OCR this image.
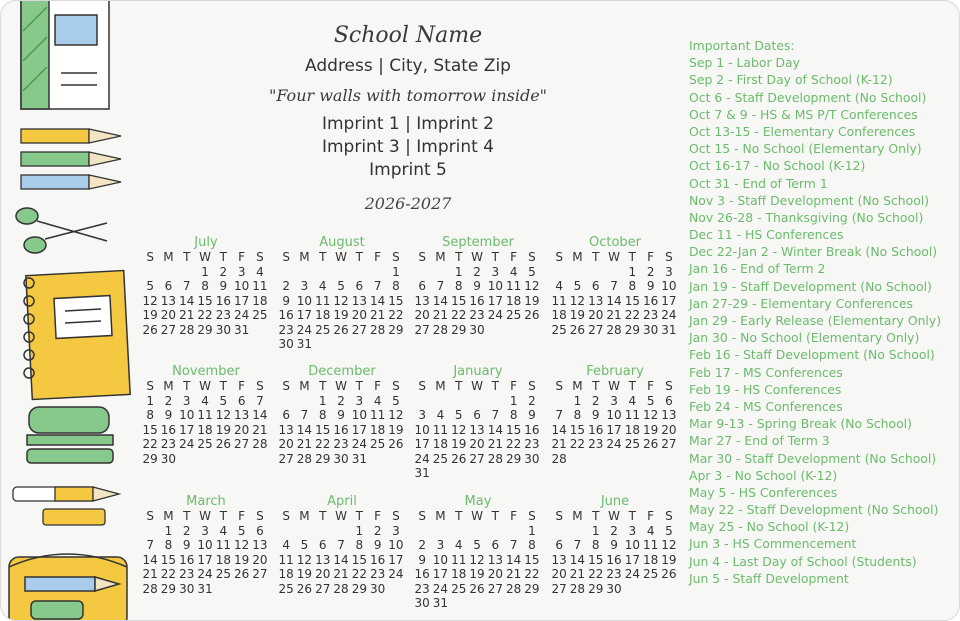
School Name
Address | City, State Zip
"Four walls with tomorrow inside"
Imprint 1 | Imprint 2
Imprint 3 | Imprint 4
Imprint 5
2026-2027
July
S M T W T F S
1 2 3 4
5 6 7 8 9 10 11
12 13 14 15 16 17 18
19 20 21 22 23 24 25
26 27 28 29 30 31
August
S M T W T F S
1
2 3 4 5 6 7 8
9 10 11 12 13 14 15
16 17 18 19 20 21 22
23 24 25 26 27 28 29
30 31
September
S M T W T F S
1 2 3 4 5
6 7 8 9 10 11 12
13 14 15 16 17 18 19
20 21 22 23 24 25 26
27 28 29 30
October
S M T W T F S
1 2 3
4 5 6 7 8 9 10
11 12 13 14 15 16 17
18 19 20 21 22 23 24
25 26 27 28 29 30 31
November
S M T W T F S
1 2 3 4 5 6 7
8 9 10 11 12 13 14
15 16 17 18 19 20 21
22 23 24 25 26 27 28
29 30
December
S M T W T F S
1 2 3 4 5
6 7 8 9 10 11 12
13 14 15 16 17 18 19
20 21 22 23 24 25 26
27 28 29 30 31
January
S M T W T F S
1 2
3 4 5 6 7 8 9
10 11 12 13 14 15 16
17 18 19 20 21 22 23
24 25 26 27 28 29 30
31
February
S M T W T F S
1 2 3 4 5 6
7 8 9 10 11 12 13
14 15 16 17 18 19 20
21 22 23 24 25 26 27
28
March
S M T W T F S
1 2 3 4 5 6
7 8 9 10 11 12 13
14 15 16 17 18 19 20
21 22 23 24 25 26 27
28 29 30 31
April
S M T W T F S
1 2 3
4 5 6 7 8 9 10
11 12 13 14 15 16 17
18 19 20 21 22 23 24
25 26 27 28 29 30
May
S M T W T F S
1
2 3 4 5 6 7 8
9 10 11 12 13 14 15
16 17 18 19 20 21 22
23 24 25 26 27 28 29
30 31
June
S M T W T F S
1 2 3 4 5
6 7 8 9 10 11 12
13 14 15 16 17 18 19
20 21 22 23 24 25 26
27 28 29 30
Important Dates:
Sep 1 - Labor Day
Sep 2 - First Day of School (K-12)
Oct 6 - Staff Development (No School)
Oct 7 & 9 - HS & MS P/T Conferences
Oct 13-15 - Elementary Conferences
Oct 15 - No School (Elementary Only)
Oct 16-17 - No School (K-12)
Oct 31 - End of Term 1
Nov 3 - Staff Development (No School)
Nov 26-28 - Thanksgiving (No School)
Dec 11 - HS Conferences
Dec 22-Jan 2 - Winter Break (No School)
Jan 16 - End of Term 2
Jan 19 - Staff Development (No School)
Jan 27-29 - Elementary Conferences
Jan 29 - Early Release (Elementary Only)
Jan 30 - No School (Elementary Only)
Feb 16 - Staff Development (No School)
Feb 17 - MS Conferences
Feb 19 - HS Conferences
Feb 24 - MS Conferences
Mar 9-13 - Spring Break (No School)
Mar 27 - End of Term 3
Mar 30 - Staff Development (No School)
Apr 3 - No School (K-12)
May 5 - HS Conferences
May 22 - Staff Development (No School)
May 25 - No School (K-12)
Jun 3 - HS Commencement
Jun 4 - Last Day of School (Students)
Jun 5 - Staff Development
